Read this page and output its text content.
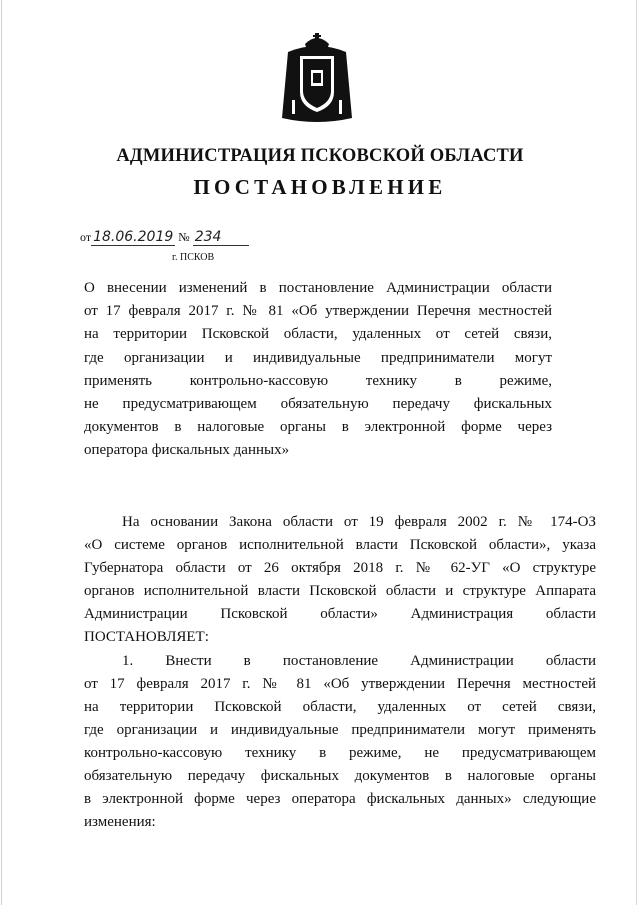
АДМИНИСТРАЦИЯ ПСКОВСКОЙ ОБЛАСТИ
ПОСТАНОВЛЕНИЕ
от 18.06.2019 № 234
г. ПСКОВ
О внесении изменений в постановление Администрации области
от 17 февраля 2017 г. № 81 «Об утверждении Перечня местностей
на территории Псковской области, удаленных от сетей связи,
где организации и индивидуальные предприниматели могут
применять контрольно-кассовую технику в режиме,
не предусматривающем обязательную передачу фискальных
документов в налоговые органы в электронной форме через
оператора фискальных данных»
На основании Закона области от 19 февраля 2002 г. № 174-ОЗ
«О системе органов исполнительной власти Псковской области», указа
Губернатора области от 26 октября 2018 г. № 62-УГ «О структуре
органов исполнительной власти Псковской области и структуре Аппарата
Администрации Псковской области» Администрация области
ПОСТАНОВЛЯЕТ:
1. Внести в постановление Администрации области
от 17 февраля 2017 г. № 81 «Об утверждении Перечня местностей
на территории Псковской области, удаленных от сетей связи,
где организации и индивидуальные предприниматели могут применять
контрольно-кассовую технику в режиме, не предусматривающем
обязательную передачу фискальных документов в налоговые органы
в электронной форме через оператора фискальных данных» следующие
изменения:
